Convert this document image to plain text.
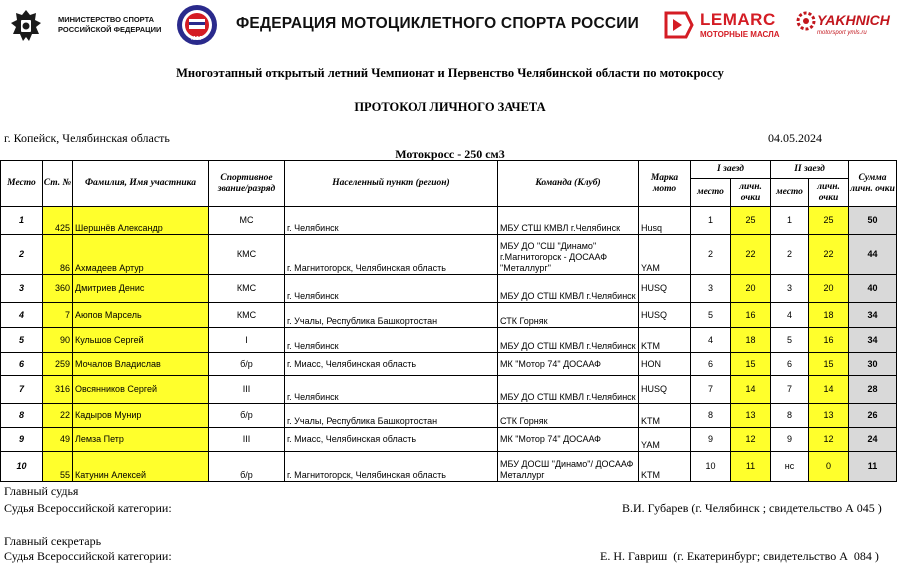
МИНИСТЕРСТВО СПОРТА
РОССИЙСКОЙ ФЕДЕРАЦИИ
МФР
ФЕДЕРАЦИЯ МОТОЦИКЛЕТНОГО СПОРТА РОССИИ	LEMARC
МОТОРНЫЕ МАСЛА
YAKHNICH
motorsport ymls.ru
Многоэтапный открытый летний Чемпионат и Первенство Челябинской области по мотокроссу
ПРОТОКОЛ ЛИЧНОГО ЗАЧЕТА
г. Копейск, Челябинская область	04.05.2024
Мотокросс - 250 см3
Место	Ст. №	Фамилия, Имя участника	Спортивное звание/разряд	Населенный пункт (регион)	Команда (Клуб)	Марка мото	I заезд		II заезд		Сумма личн. очки
							место	личн. очки	место	личн. очки	
1	425	Шершнёв Александр	МС	г. Челябинск	МБУ СТШ КМВЛ г.Челябинск	Husq	1	25	1	25	50
2	86	Ахмадеев Артур	КМС	г. Магнитогорск, Челябинская область	МБУ ДО "СШ "Динамо" г.Магнитогорск - ДОСААФ "Металлург"	YAM	2	22	2	22	44
3	360	Дмитриев Денис	КМС	г. Челябинск	МБУ ДО СТШ КМВЛ г.Челябинск	HUSQ	3	20	3	20	40
4	7	Аюпов Марсель	КМС	г. Учалы, Республика Башкортостан	СТК Горняк	HUSQ	5	16	4	18	34
5	90	Кульшов Сергей	I	г. Челябинск	МБУ ДО СТШ КМВЛ г.Челябинск	KTM	4	18	5	16	34
6	259	Мочалов Владислав	б/р	г. Миасс, Челябинская область	МК "Мотор 74" ДОСААФ	HON	6	15	6	15	30
7	316	Овсянников Сергей	III	г. Челябинск	МБУ ДО СТШ КМВЛ г.Челябинск	HUSQ	7	14	7	14	28
8	22	Кадыров Мунир	б/р	г. Учалы, Республика Башкортостан	СТК Горняк	KTM	8	13	8	13	26
9	49	Лемза Петр	III	г. Миасс, Челябинская область	МК "Мотор 74" ДОСААФ	YAM	9	12	9	12	24
10	55	Катунин Алексей	б/р	г. Магнитогорск, Челябинская область	МБУ ДОСШ "Динамо"/ ДОСААФ Металлург	KTM	10	11	нс	0	11
Главный судья
Судья Всероссийской категории:	В.И. Губарев (г. Челябинск ; свидетельство А 045 )
Главный секретарь
Судья Всероссийской категории:	Е. Н. Гавриш  (г. Екатеринбург; свидетельство А  084 )
